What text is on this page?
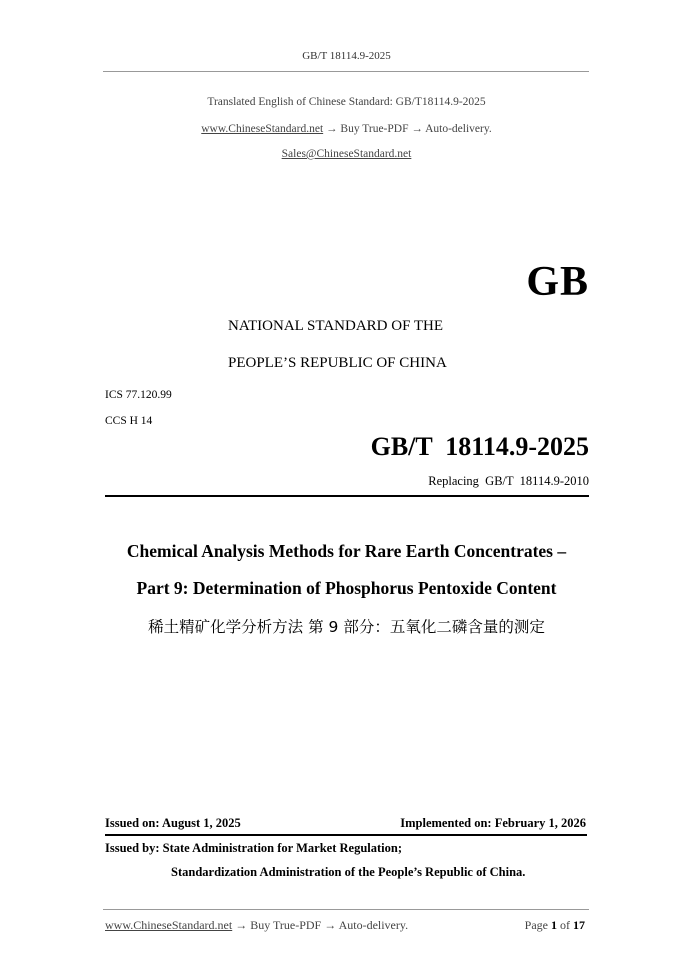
GB/T 18114.9-2025
Translated English of Chinese Standard: GB/T18114.9-2025
www.ChineseStandard.net → Buy True-PDF → Auto-delivery.
Sales@ChineseStandard.net
GB
NATIONAL STANDARD OF THE
PEOPLE’S REPUBLIC OF CHINA
ICS 77.120.99
CCS H 14
GB/T  18114.9-2025
Replacing  GB/T  18114.9-2010
Chemical Analysis Methods for Rare Earth Concentrates –
Part 9: Determination of Phosphorus Pentoxide Content
稀土精矿化学分析方法 第 9 部分：五氧化二磷含量的测定
Issued on: August 1, 2025	Implemented on: February 1, 2026
Issued by: State Administration for Market Regulation;
Standardization Administration of the People’s Republic of China.
www.ChineseStandard.net → Buy True-PDF → Auto-delivery.	Page 1 of 17
